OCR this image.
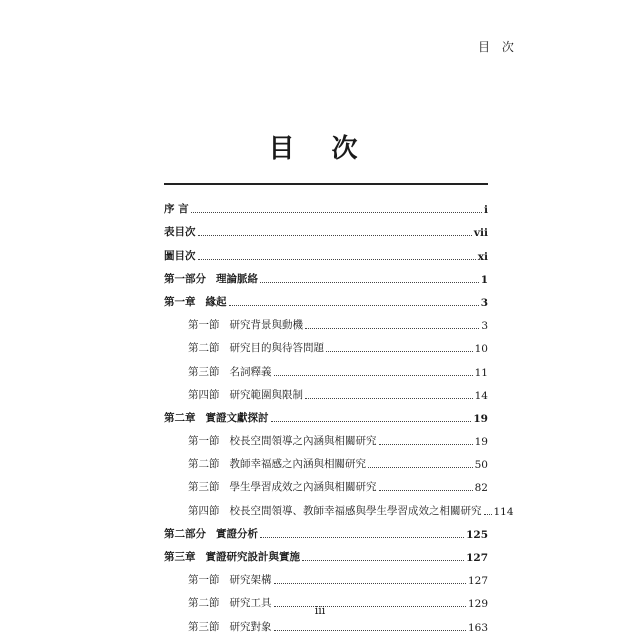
目 次
目 次
序 言	i
表目次	vii
圖目次	xi
第一部分 理論脈絡	1
第一章 緣起	3
第一節 研究背景與動機	3
第二節 研究目的與待答問題	10
第三節 名詞釋義	11
第四節 研究範圍與限制	14
第二章 實證文獻探討	19
第一節 校長空間領導之內涵與相關研究	19
第二節 教師幸福感之內涵與相關研究	50
第三節 學生學習成效之內涵與相關研究	82
第四節 校長空間領導、教師幸福感與學生學習成效之相關研究 114
第二部分 實證分析	125
第三章 實證研究設計與實施	127
第一節 研究架構	127
第二節 研究工具	129
第三節 研究對象	163
iii
